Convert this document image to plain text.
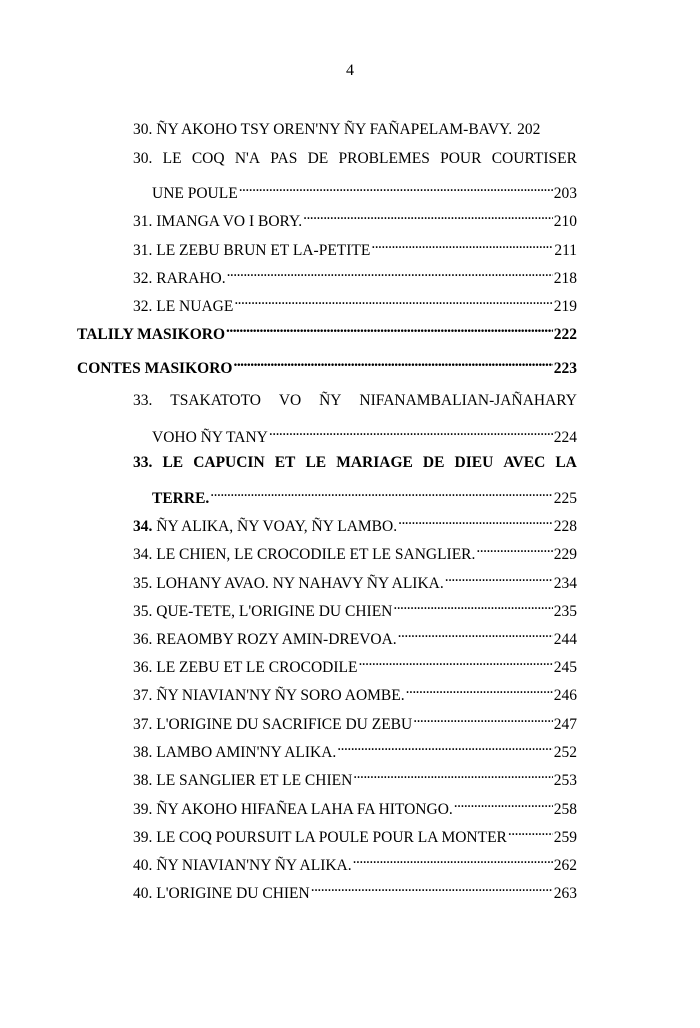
4
30. ÑY AKOHO TSY OREN'NY ÑY FAÑAPELAM-BAVY. 202
30. LE COQ N'A PAS DE PROBLEMES POUR COURTISER
UNE POULE . . .	203
31. IMANGA VO I BORY. . . .	210
31. LE ZEBU BRUN ET LA-PETITE . . .	211
32. RARAHO. . . .	218
32. LE NUAGE . . .	219
TALILY MASIKORO . . .	222
CONTES MASIKORO . . .	223
33. TSAKATOTO VO ÑY NIFANAMBALIAN-JAÑAHARY
VOHO ÑY TANY . . .	224
33. LE CAPUCIN ET LE MARIAGE DE DIEU AVEC LA
TERRE. . . .	225
34. ÑY ALIKA, ÑY VOAY, ÑY LAMBO. . . .	228
34. LE CHIEN, LE CROCODILE ET LE SANGLIER. . . .	229
35. LOHANY AVAO. NY NAHAVY ÑY ALIKA. . . .	234
35. QUE-TETE, L'ORIGINE DU CHIEN . . .	235
36. REAOMBY ROZY AMIN-DREVOA. . . .	244
36. LE ZEBU ET LE CROCODILE . . .	245
37. ÑY NIAVIAN'NY ÑY SORO AOMBE. . . .	246
37. L'ORIGINE DU SACRIFICE DU ZEBU . . .	247
38. LAMBO AMIN'NY ALIKA. . . .	252
38. LE SANGLIER ET LE CHIEN . . .	253
39. ÑY AKOHO HIFAÑEA LAHA FA HITONGO. . . .	258
39. LE COQ POURSUIT LA POULE POUR LA MONTER . . .	259
40. ÑY NIAVIAN'NY ÑY ALIKA. . . .	262
40. L'ORIGINE DU CHIEN . . .	263
